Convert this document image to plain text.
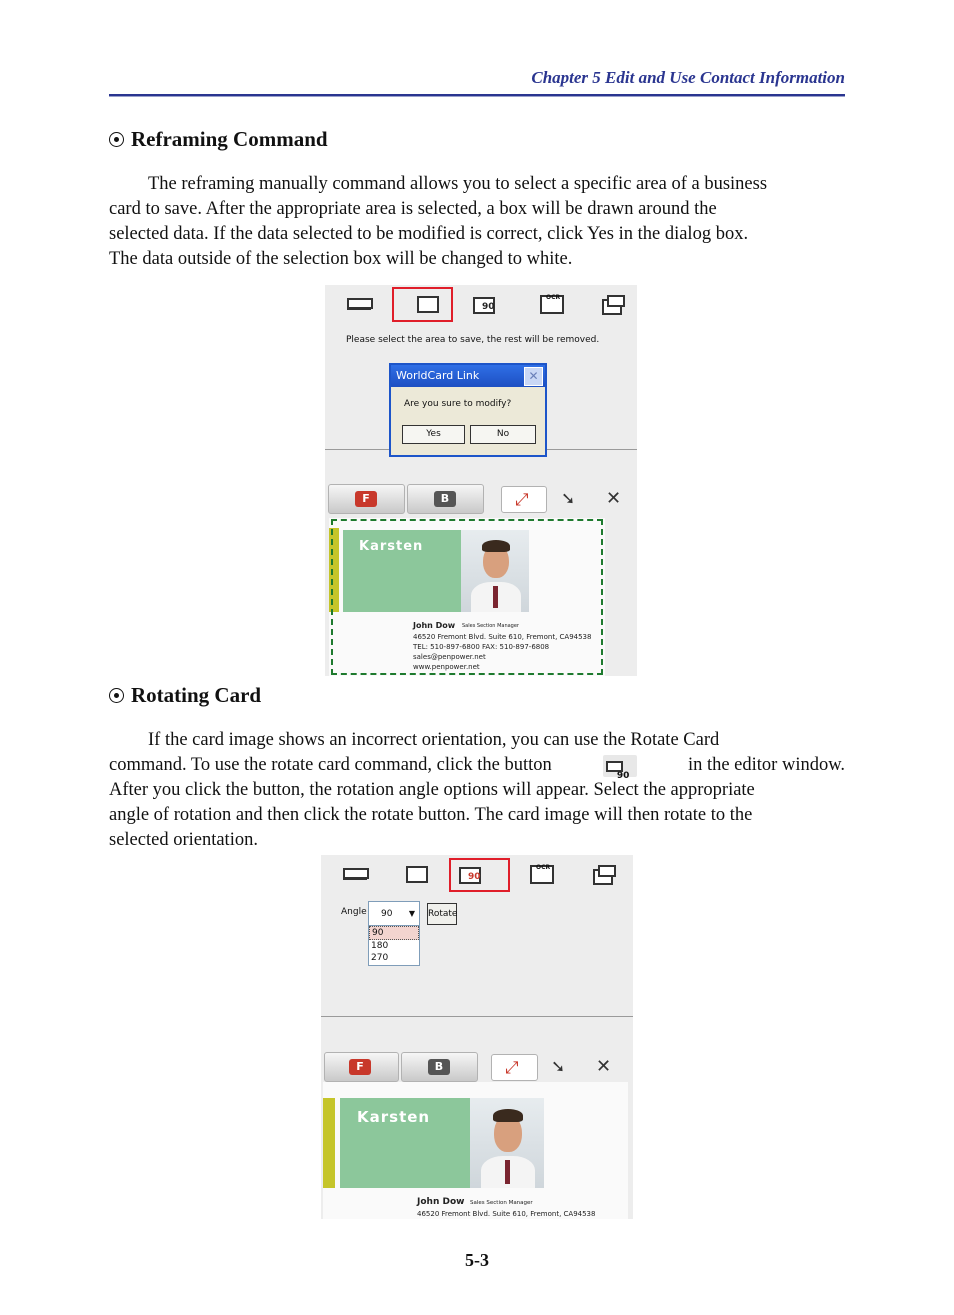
Chapter 5 Edit and Use Contact Information
Reframing Command
The reframing manually command allows you to select a specific area of a business
card to save. After the appropriate area is selected, a box will be drawn around the
selected data. If the data selected to be modified is correct, click Yes in the dialog box.
The data outside of the selection box will be changed to white.
90
OCR
Please select the area to save, the rest will be removed.
WorldCard Link	✕
Are you sure to modify?
Yes	No
F	B	⤢ ➘ ✕
Karsten
John Dow Sales Section Manager
46520 Fremont Blvd. Suite 610, Fremont, CA94538
TEL: 510-897-6800 FAX: 510-897-6808
sales@penpower.net
www.penpower.net
Rotating Card
If the card image shows an incorrect orientation, you can use the Rotate Card
command. To use the rotate card command, click the button
90
in the editor window.
After you click the button, the rotation angle options will appear. Select the appropriate
angle of rotation and then click the rotate button. The card image will then rotate to the
selected orientation.
90
OCR
Angle	90 ▼ Rotate
90
180
270
F	B	⤢ ➘ ✕
Karsten
John Dow Sales Section Manager
46520 Fremont Blvd. Suite 610, Fremont, CA94538
5-3
